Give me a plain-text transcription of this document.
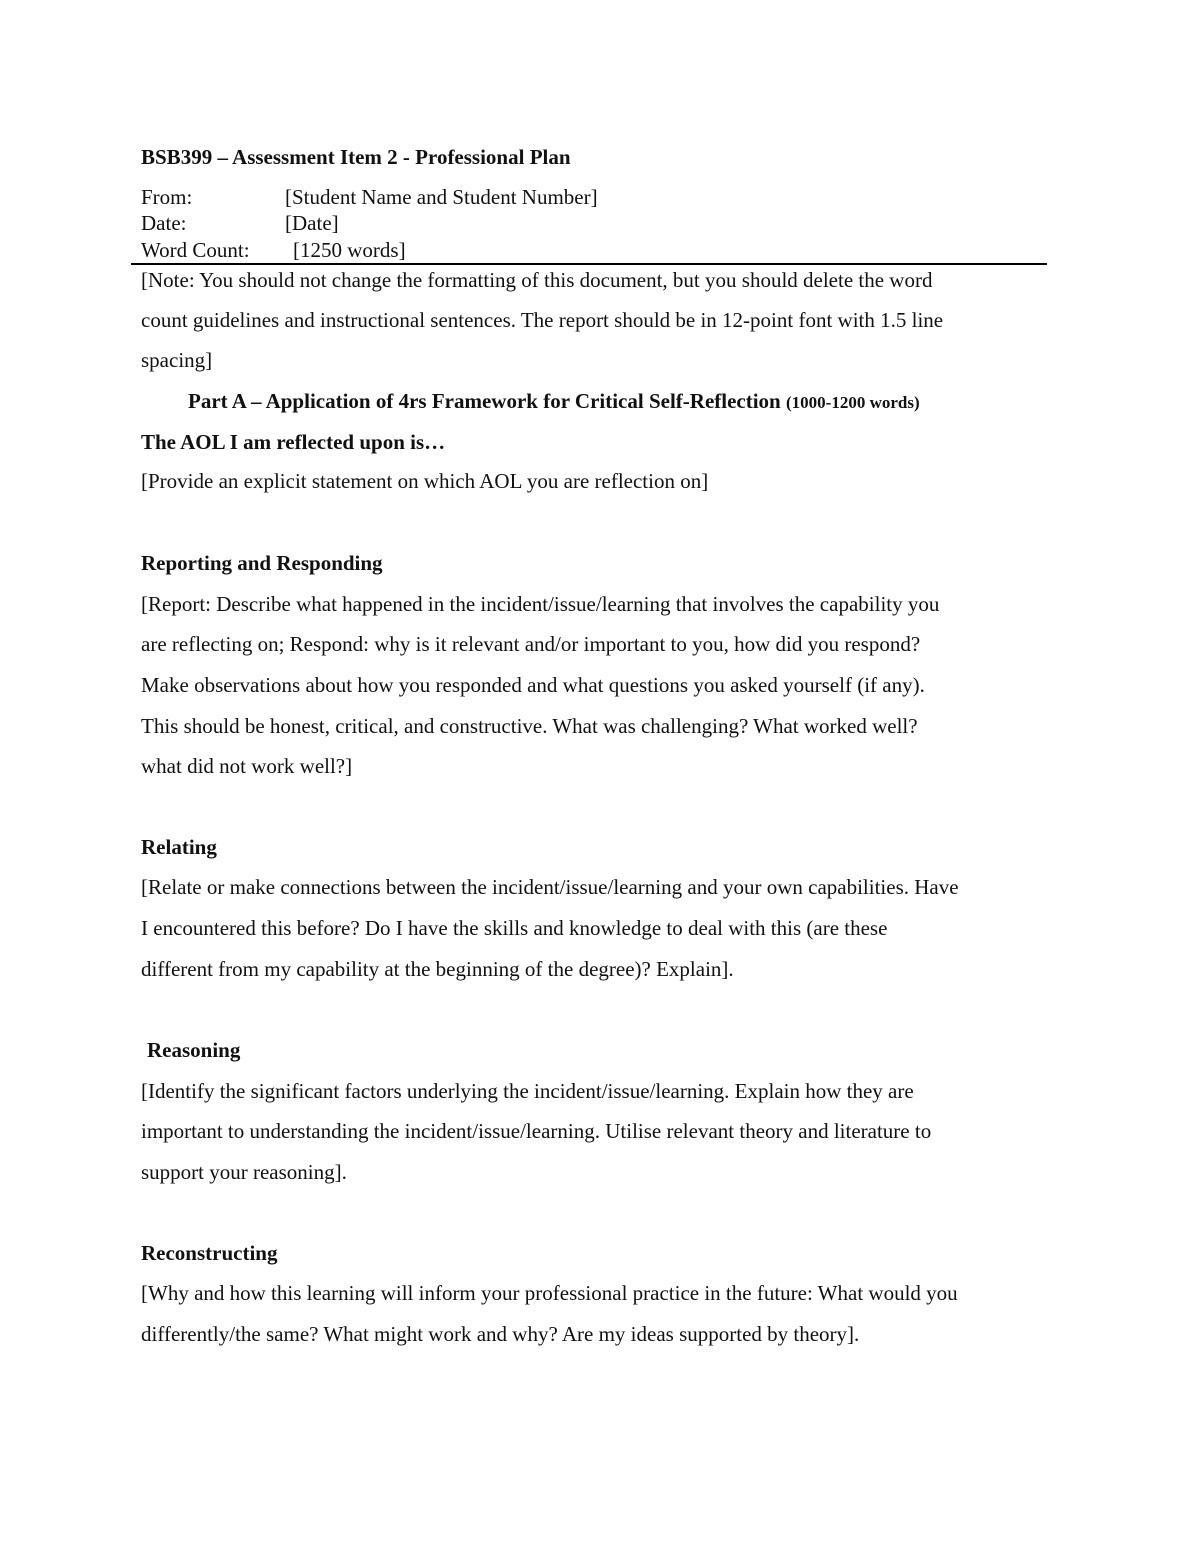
BSB399 – Assessment Item 2 - Professional Plan
From:	[Student Name and Student Number]
Date:	[Date]
Word Count: [1250 words]
[Note: You should not change the formatting of this document, but you should delete the word
count guidelines and instructional sentences. The report should be in 12-point font with 1.5 line
spacing]
Part A – Application of 4rs Framework for Critical Self-Reflection (1000-1200 words)
The AOL I am reflected upon is…
[Provide an explicit statement on which AOL you are reflection on]
Reporting and Responding
[Report: Describe what happened in the incident/issue/learning that involves the capability you
are reflecting on; Respond: why is it relevant and/or important to you, how did you respond?
Make observations about how you responded and what questions you asked yourself (if any).
This should be honest, critical, and constructive. What was challenging? What worked well?
what did not work well?]
Relating
[Relate or make connections between the incident/issue/learning and your own capabilities. Have
I encountered this before? Do I have the skills and knowledge to deal with this (are these
different from my capability at the beginning of the degree)? Explain].
Reasoning
[Identify the significant factors underlying the incident/issue/learning. Explain how they are
important to understanding the incident/issue/learning. Utilise relevant theory and literature to
support your reasoning].
Reconstructing
[Why and how this learning will inform your professional practice in the future: What would you
differently/the same? What might work and why? Are my ideas supported by theory].
